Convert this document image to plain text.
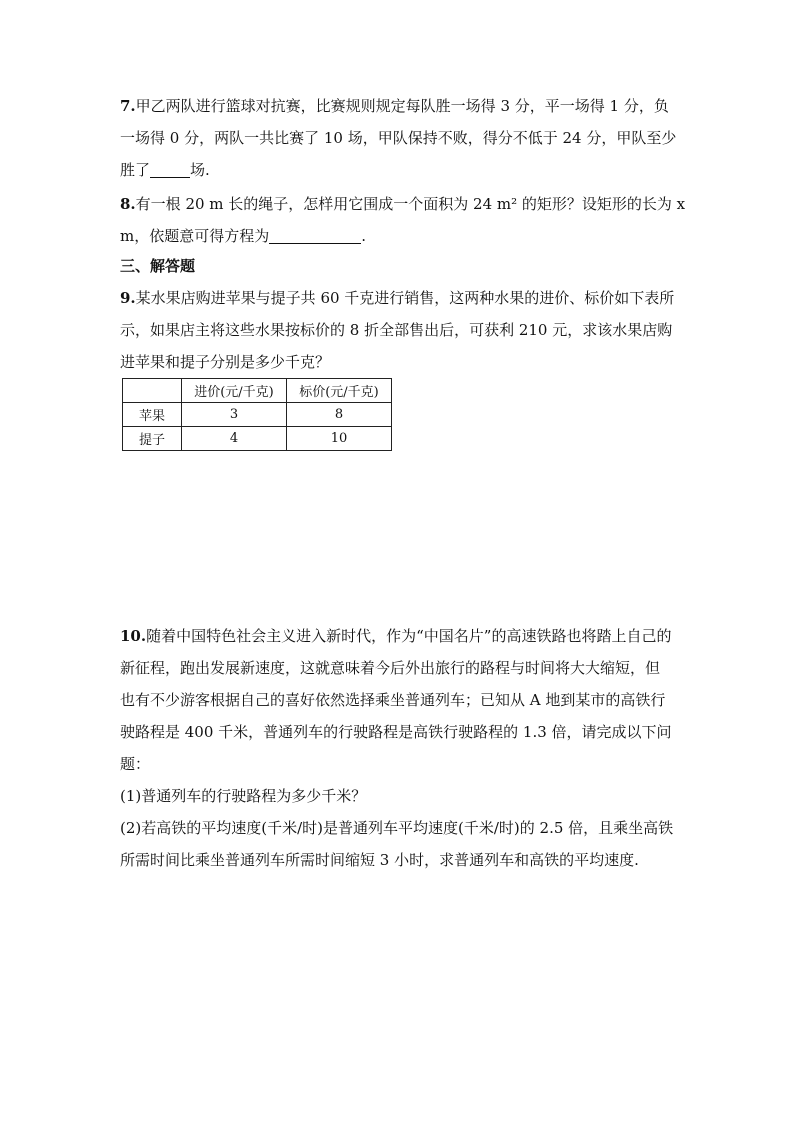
7.甲乙两队进行篮球对抗赛，比赛规则规定每队胜一场得 3 分，平一场得 1 分，负
一场得 0 分，两队一共比赛了 10 场，甲队保持不败，得分不低于 24 分，甲队至少
胜了	场.
8.有一根 20 m 长的绳子，怎样用它围成一个面积为 24 m² 的矩形？设矩形的长为 x
m，依题意可得方程为	.
三、解答题
9.某水果店购进苹果与提子共 60 千克进行销售，这两种水果的进价、标价如下表所
示，如果店主将这些水果按标价的 8 折全部售出后，可获利 210 元，求该水果店购
进苹果和提子分别是多少千克？
	进价(元/千克)	标价(元/千克)
苹果	3	8
提子	4	10
10.随着中国特色社会主义进入新时代，作为“中国名片”的高速铁路也将踏上自己的
新征程，跑出发展新速度，这就意味着今后外出旅行的路程与时间将大大缩短，但
也有不少游客根据自己的喜好依然选择乘坐普通列车；已知从 A 地到某市的高铁行
驶路程是 400 千米，普通列车的行驶路程是高铁行驶路程的 1.3 倍，请完成以下问
题：
(1)普通列车的行驶路程为多少千米？
(2)若高铁的平均速度(千米/时)是普通列车平均速度(千米/时)的 2.5 倍，且乘坐高铁
所需时间比乘坐普通列车所需时间缩短 3 小时，求普通列车和高铁的平均速度.
